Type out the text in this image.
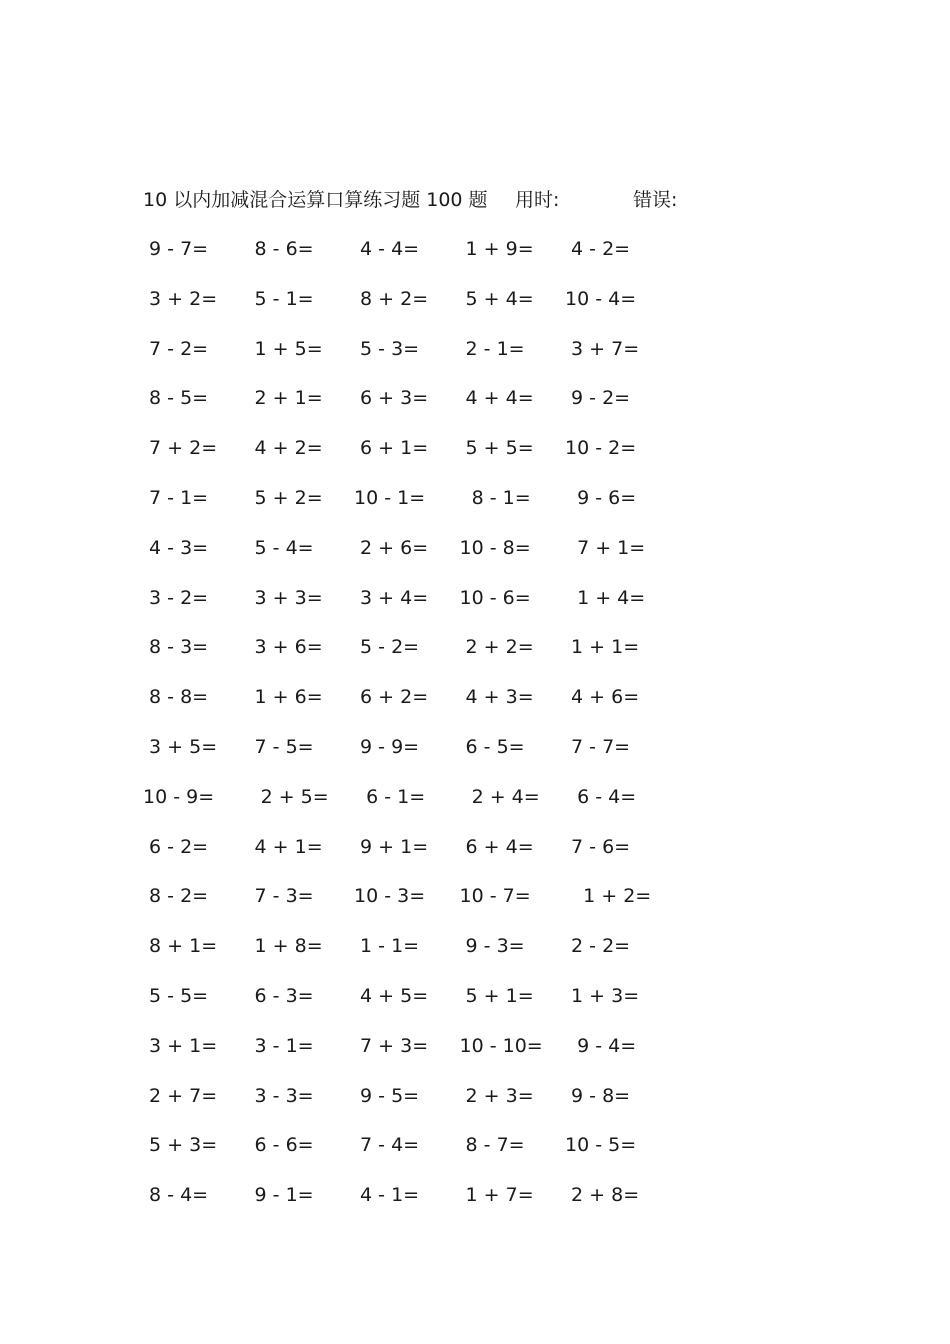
10 以内加减混合运算口算练习题 100 题 用时:	错误:
9 - 7=	8 - 6=	4 - 4=	1 + 9=	4 - 2=
3 + 2=	5 - 1=	8 + 2=	5 + 4=	10 - 4=
7 - 2=	1 + 5=	5 - 3=	2 - 1=	3 + 7=
8 - 5=	2 + 1=	6 + 3=	4 + 4=	9 - 2=
7 + 2=	4 + 2=	6 + 1=	5 + 5=	10 - 2=
7 - 1=	5 + 2=	10 - 1=	8 - 1=	9 - 6=
4 - 3=	5 - 4=	2 + 6=	10 - 8=	7 + 1=
3 - 2=	3 + 3=	3 + 4=	10 - 6=	1 + 4=
8 - 3=	3 + 6=	5 - 2=	2 + 2=	1 + 1=
8 - 8=	1 + 6=	6 + 2=	4 + 3=	4 + 6=
3 + 5=	7 - 5=	9 - 9=	6 - 5=	7 - 7=
10 - 9=	2 + 5=	6 - 1=	2 + 4=	6 - 4=
6 - 2=	4 + 1=	9 + 1=	6 + 4=	7 - 6=
8 - 2=	7 - 3=	10 - 3=	10 - 7=	1 + 2=
8 + 1=	1 + 8=	1 - 1=	9 - 3=	2 - 2=
5 - 5=	6 - 3=	4 + 5=	5 + 1=	1 + 3=
3 + 1=	3 - 1=	7 + 3=	10 - 10=	9 - 4=
2 + 7=	3 - 3=	9 - 5=	2 + 3=	9 - 8=
5 + 3=	6 - 6=	7 - 4=	8 - 7=	10 - 5=
8 - 4=	9 - 1=	4 - 1=	1 + 7=	2 + 8=
